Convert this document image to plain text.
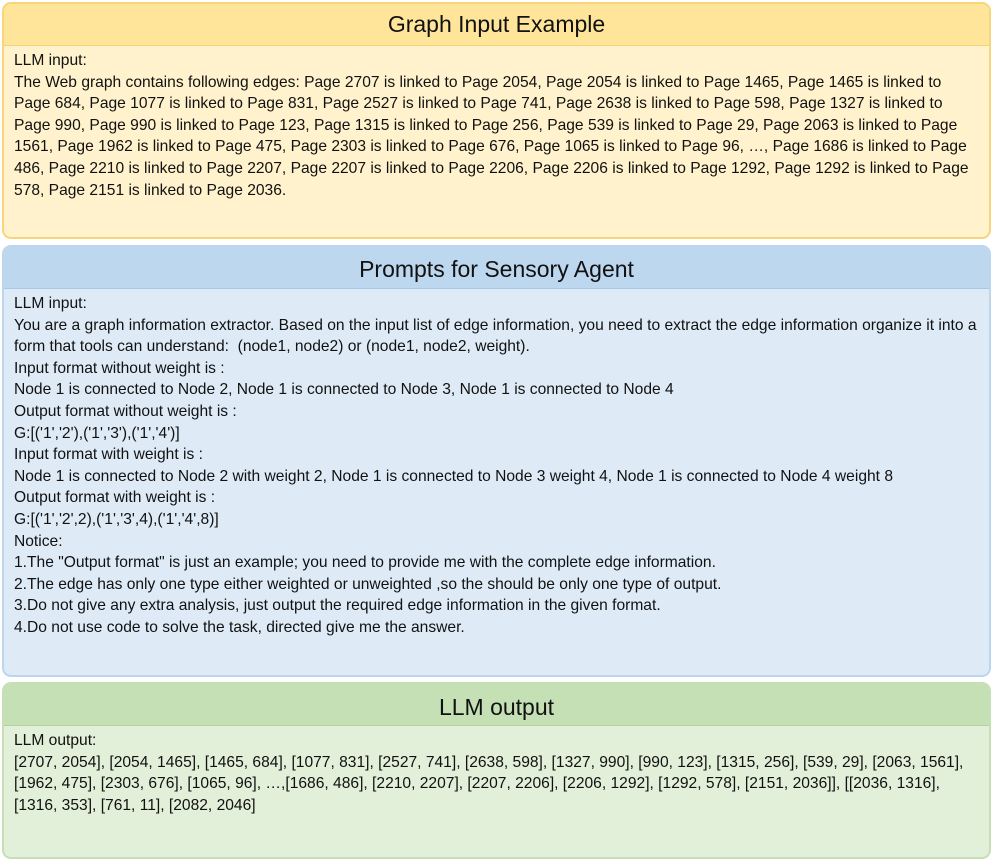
Graph Input Example
LLM input:
The Web graph contains following edges: Page 2707 is linked to Page 2054, Page 2054 is linked to Page 1465, Page 1465 is linked to Page 684, Page 1077 is linked to Page 831, Page 2527 is linked to Page 741, Page 2638 is linked to Page 598, Page 1327 is linked to Page 990, Page 990 is linked to Page 123, Page 1315 is linked to Page 256, Page 539 is linked to Page 29, Page 2063 is linked to Page 1561, Page 1962 is linked to Page 475, Page 2303 is linked to Page 676, Page 1065 is linked to Page 96, …, Page 1686 is linked to Page 486, Page 2210 is linked to Page 2207, Page 2207 is linked to Page 2206, Page 2206 is linked to Page 1292, Page 1292 is linked to Page 578, Page 2151 is linked to Page 2036.
Prompts for Sensory Agent
LLM input:
You are a graph information extractor. Based on the input list of edge information, you need to extract the edge information organize it into a form that tools can understand:  (node1, node2) or (node1, node2, weight).
Input format without weight is :
Node 1 is connected to Node 2, Node 1 is connected to Node 3, Node 1 is connected to Node 4
Output format without weight is :
G:[('1','2'),('1','3'),('1','4')]
Input format with weight is :
Node 1 is connected to Node 2 with weight 2, Node 1 is connected to Node 3 weight 4, Node 1 is connected to Node 4 weight 8
Output format with weight is :
G:[('1','2',2),('1','3',4),('1','4',8)]
Notice:
1.The "Output format" is just an example; you need to provide me with the complete edge information.
2.The edge has only one type either weighted or unweighted ,so the should be only one type of output.
3.Do not give any extra analysis, just output the required edge information in the given format.
4.Do not use code to solve the task, directed give me the answer.
LLM output
LLM output:
[2707, 2054], [2054, 1465], [1465, 684], [1077, 831], [2527, 741], [2638, 598], [1327, 990], [990, 123], [1315, 256], [539, 29], [2063, 1561], [1962, 475], [2303, 676], [1065, 96], …,[1686, 486], [2210, 2207], [2207, 2206], [2206, 1292], [1292, 578], [2151, 2036]], [[2036, 1316], [1316, 353], [761, 11], [2082, 2046]
